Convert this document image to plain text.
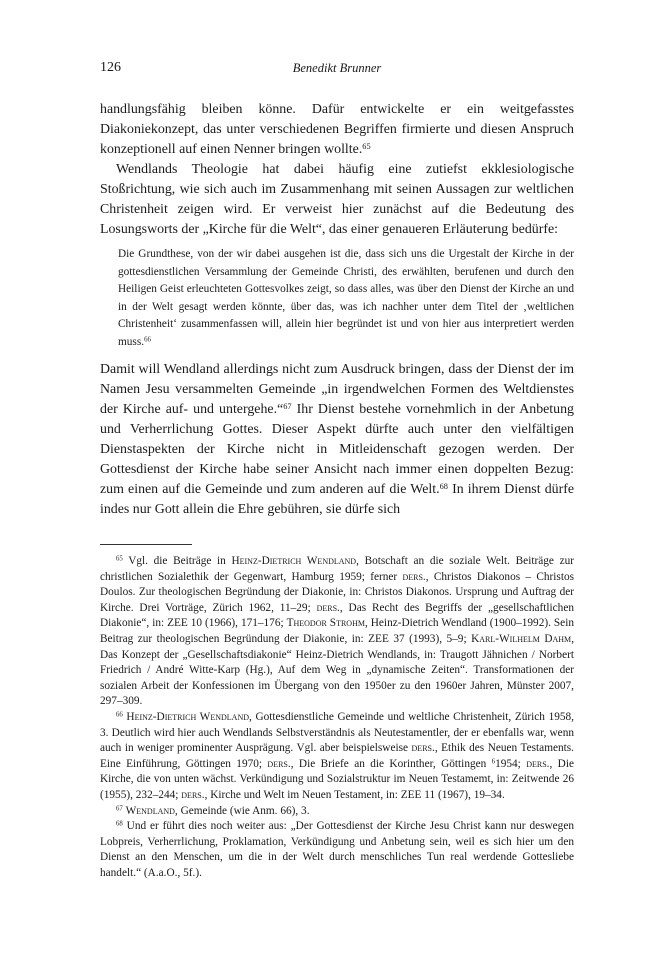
126	Benedikt Brunner

handlungsfähig bleiben könne. Dafür entwickelte er ein weitgefasstes Diakoniekonzept, das unter verschiedenen Begriffen firmierte und diesen Anspruch konzeptionell auf einen Nenner bringen wollte.$^{65}$

Wendlands Theologie hat dabei häufig eine zutiefst ekklesiologische Stoßrichtung, wie sich auch im Zusammenhang mit seinen Aussagen zur weltlichen Christenheit zeigen wird. Er verweist hier zunächst auf die Bedeutung des Losungsworts der „Kirche für die Welt“, das einer genaueren Erläuterung bedürfe:

Die Grundthese, von der wir dabei ausgehen ist die, dass sich uns die Urgestalt der Kirche in der gottesdienstlichen Versammlung der Gemeinde Christi, des erwählten, berufenen und durch den Heiligen Geist erleuchteten Gottesvolkes zeigt, so dass alles, was über den Dienst der Kirche an und in der Welt gesagt werden könnte, über das, was ich nachher unter dem Titel der ‚weltlichen Christenheit‘ zusammenfassen will, allein hier begründet ist und von hier aus interpretiert werden muss.$^{66}$

Damit will Wendland allerdings nicht zum Ausdruck bringen, dass der Dienst der im Namen Jesu versammelten Gemeinde „in irgendwelchen Formen des Weltdienstes der Kirche auf- und untergehe.“$^{67}$ Ihr Dienst bestehe vornehmlich in der Anbetung und Verherrlichung Gottes. Dieser Aspekt dürfte auch unter den vielfältigen Dienstaspekten der Kirche nicht in Mitleidenschaft gezogen werden. Der Gottesdienst der Kirche habe seiner Ansicht nach immer einen doppelten Bezug: zum einen auf die Gemeinde und zum anderen auf die Welt.$^{68}$ In ihrem Dienst dürfe indes nur Gott allein die Ehre gebühren, sie dürfe sich

$^{65}$ Vgl. die Beiträge in Heinz-Dietrich Wendland, Botschaft an die soziale Welt. Beiträge zur christlichen Sozialethik der Gegenwart, Hamburg 1959; ferner ders., Christos Diakonos – Christos Doulos. Zur theologischen Begründung der Diakonie, in: Christos Diakonos. Ursprung und Auftrag der Kirche. Drei Vorträge, Zürich 1962, 11–29; ders., Das Recht des Begriffs der „gesellschaftlichen Diakonie“, in: ZEE 10 (1966), 171–176; Theodor Strohm, Heinz-Dietrich Wendland (1900–1992). Sein Beitrag zur theologischen Begründung der Diakonie, in: ZEE 37 (1993), 5–9; Karl-Wilhelm Dahm, Das Konzept der „Gesellschaftsdiakonie“ Heinz-Dietrich Wendlands, in: Traugott Jähnichen / Norbert Friedrich / André Witte-Karp (Hg.), Auf dem Weg in „dynamische Zeiten“. Transformationen der sozialen Arbeit der Konfessionen im Übergang von den 1950er zu den 1960er Jahren, Münster 2007, 297–309.

$^{66}$ Heinz-Dietrich Wendland, Gottesdienstliche Gemeinde und weltliche Christenheit, Zürich 1958, 3. Deutlich wird hier auch Wendlands Selbstverständnis als Neutestamentler, der er ebenfalls war, wenn auch in weniger prominenter Ausprägung. Vgl. aber beispielsweise ders., Ethik des Neuen Testaments. Eine Einführung, Göttingen 1970; ders., Die Briefe an die Korinther, Göttingen $^6$1954; ders., Die Kirche, die von unten wächst. Verkündigung und Sozialstruktur im Neuen Testamemt, in: Zeitwende 26 (1955), 232–244; ders., Kirche und Welt im Neuen Testament, in: ZEE 11 (1967), 19–34.

$^{67}$ Wendland, Gemeinde (wie Anm. 66), 3.

$^{68}$ Und er führt dies noch weiter aus: „Der Gottesdienst der Kirche Jesu Christ kann nur deswegen Lobpreis, Verherrlichung, Proklamation, Verkündigung und Anbetung sein, weil es sich hier um den Dienst an den Menschen, um die in der Welt durch menschliches Tun real werdende Gottesliebe handelt.“ (A.a.O., 5f.).
